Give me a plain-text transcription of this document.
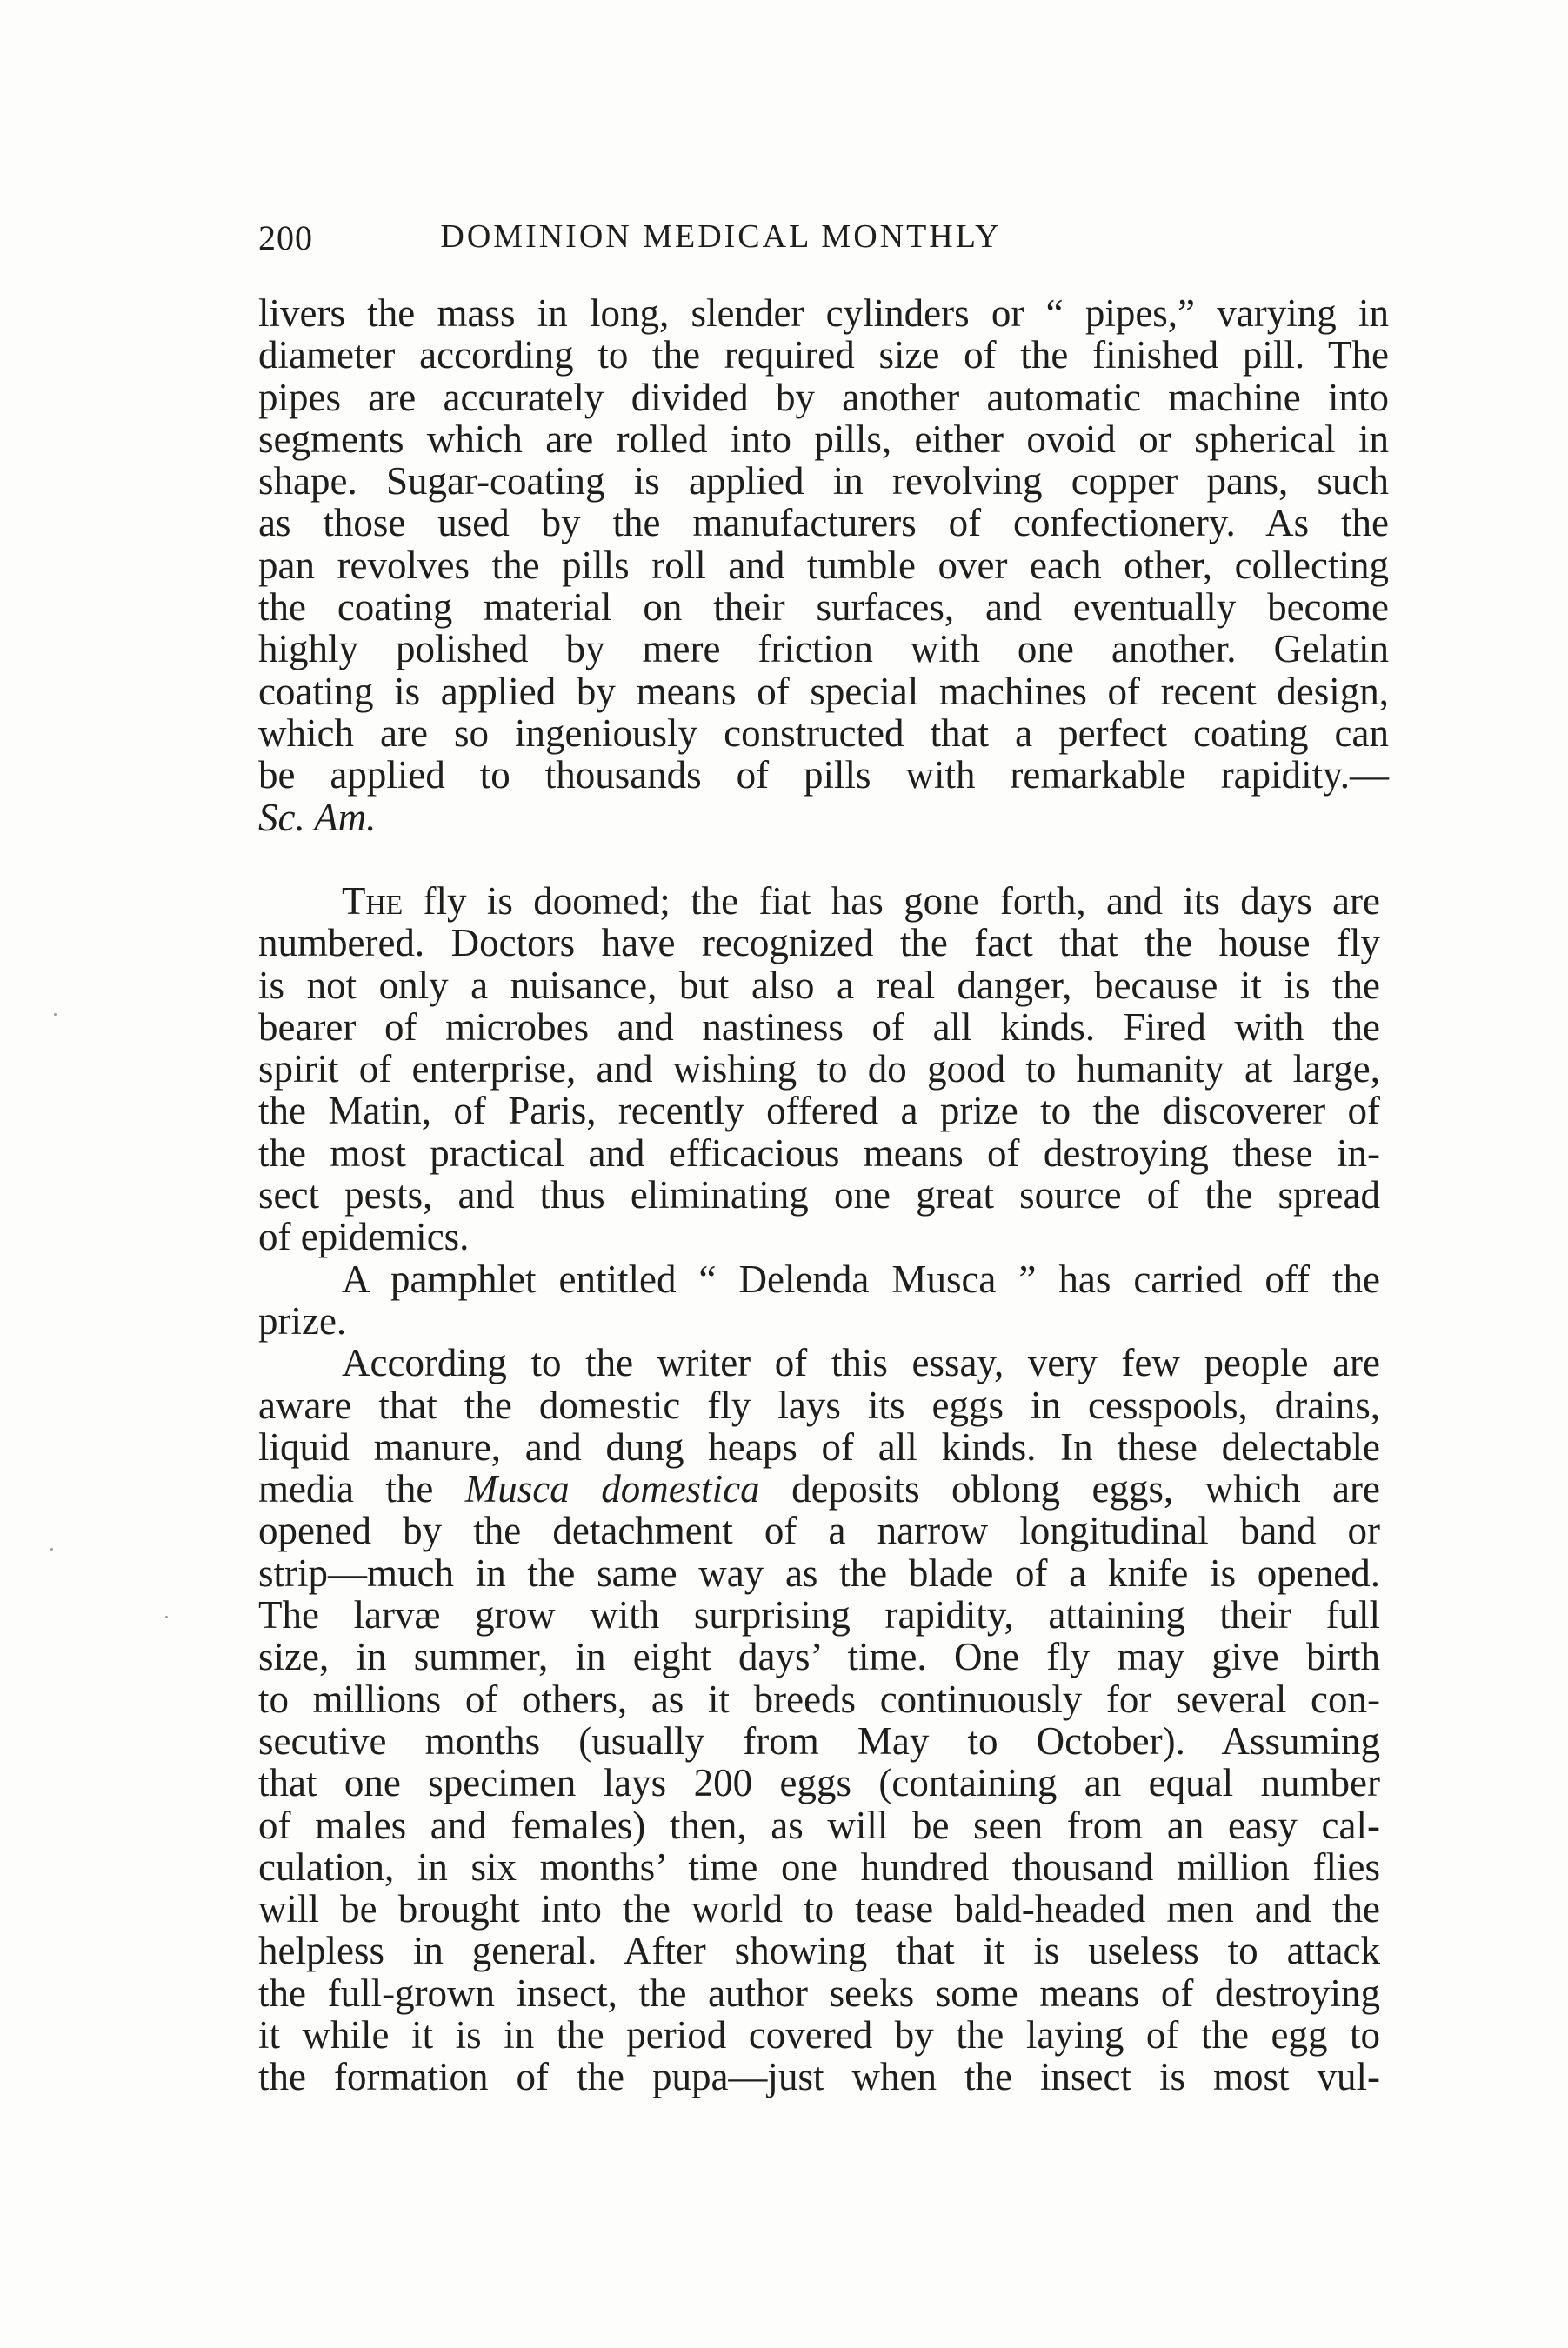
200	DOMINION MEDICAL MONTHLY
livers the mass in long, slender cylinders or “ pipes,” varying in
diameter according to the required size of the finished pill. The
pipes are accurately divided by another automatic machine into
segments which are rolled into pills, either ovoid or spherical in
shape. Sugar-coating is applied in revolving copper pans, such
as those used by the manufacturers of confectionery. As the
pan revolves the pills roll and tumble over each other, collecting
the coating material on their surfaces, and eventually become
highly polished by mere friction with one another. Gelatin
coating is applied by means of special machines of recent design,
which are so ingeniously constructed that a perfect coating can
be applied to thousands of pills with remarkable rapidity.—
Sc. Am.
The fly is doomed; the fiat has gone forth, and its days are
numbered. Doctors have recognized the fact that the house fly
is not only a nuisance, but also a real danger, because it is the
bearer of microbes and nastiness of all kinds. Fired with the
spirit of enterprise, and wishing to do good to humanity at large,
the Matin, of Paris, recently offered a prize to the discoverer of
the most practical and efficacious means of destroying these in-
sect pests, and thus eliminating one great source of the spread
of epidemics.
A pamphlet entitled “ Delenda Musca ” has carried off the
prize.
According to the writer of this essay, very few people are
aware that the domestic fly lays its eggs in cesspools, drains,
liquid manure, and dung heaps of all kinds. In these delectable
media the Musca domestica deposits oblong eggs, which are
opened by the detachment of a narrow longitudinal band or
strip—much in the same way as the blade of a knife is opened.
The larvæ grow with surprising rapidity, attaining their full
size, in summer, in eight days’ time. One fly may give birth
to millions of others, as it breeds continuously for several con-
secutive months (usually from May to October). Assuming
that one specimen lays 200 eggs (containing an equal number
of males and females) then, as will be seen from an easy cal-
culation, in six months’ time one hundred thousand million flies
will be brought into the world to tease bald-headed men and the
helpless in general. After showing that it is useless to attack
the full-grown insect, the author seeks some means of destroying
it while it is in the period covered by the laying of the egg to
the formation of the pupa—just when the insect is most vul-
